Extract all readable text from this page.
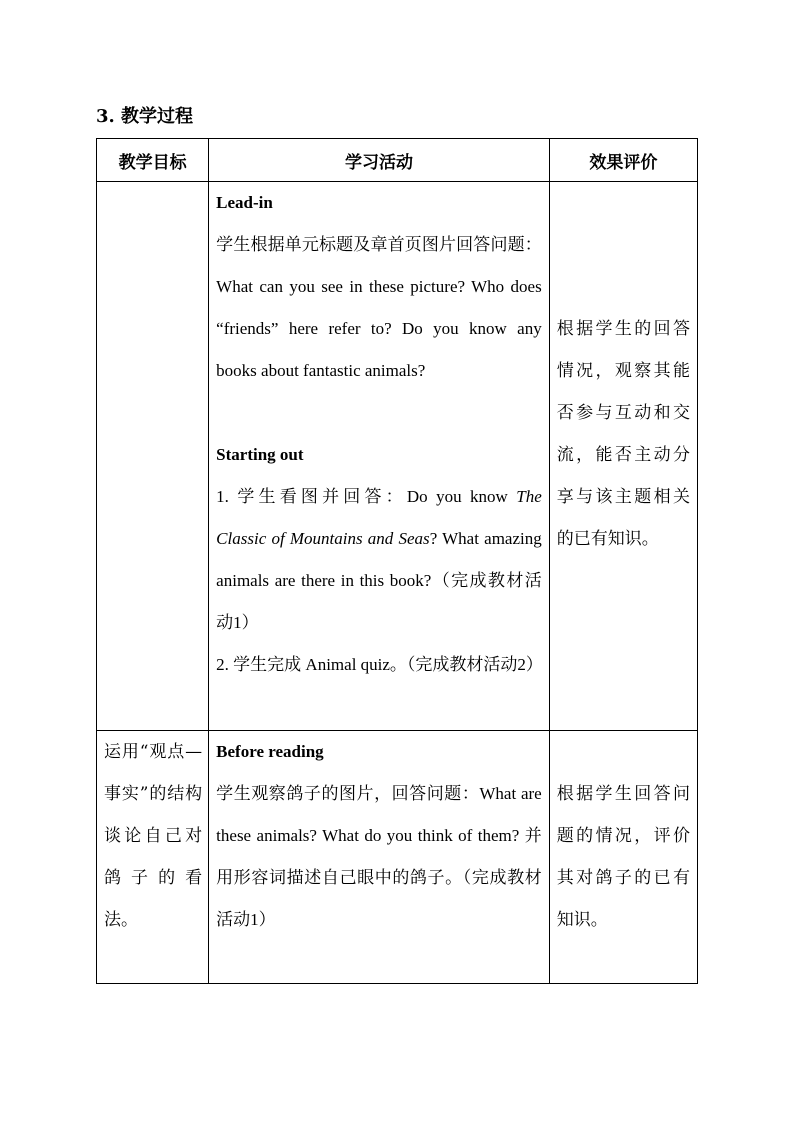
3. 教学过程
教学目标	学习活动	效果评价

	Lead-in
学生根据单元标题及章首页图片回答问题：What can you see in these picture? Who does “friends” here refer to? Do you know any books about fantastic animals?
Starting out
1. 学生看图并回答：Do you know The Classic of Mountains and Seas? What amazing animals are there in this book?（完成教材活动1）
2. 学生完成 Animal quiz。（完成教材活动2）	根据学生的回答情况，观察其能否参与互动和交流，能否主动分享与该主题相关的已有知识。

运用“观点—事实”的结构谈论自己对鸽子的看法。	Before reading
学生观察鸽子的图片，回答问题：What are these animals? What do you think of them? 并用形容词描述自己眼中的鸽子。（完成教材活动1）	根据学生回答问题的情况，评价其对鸽子的已有知识。
